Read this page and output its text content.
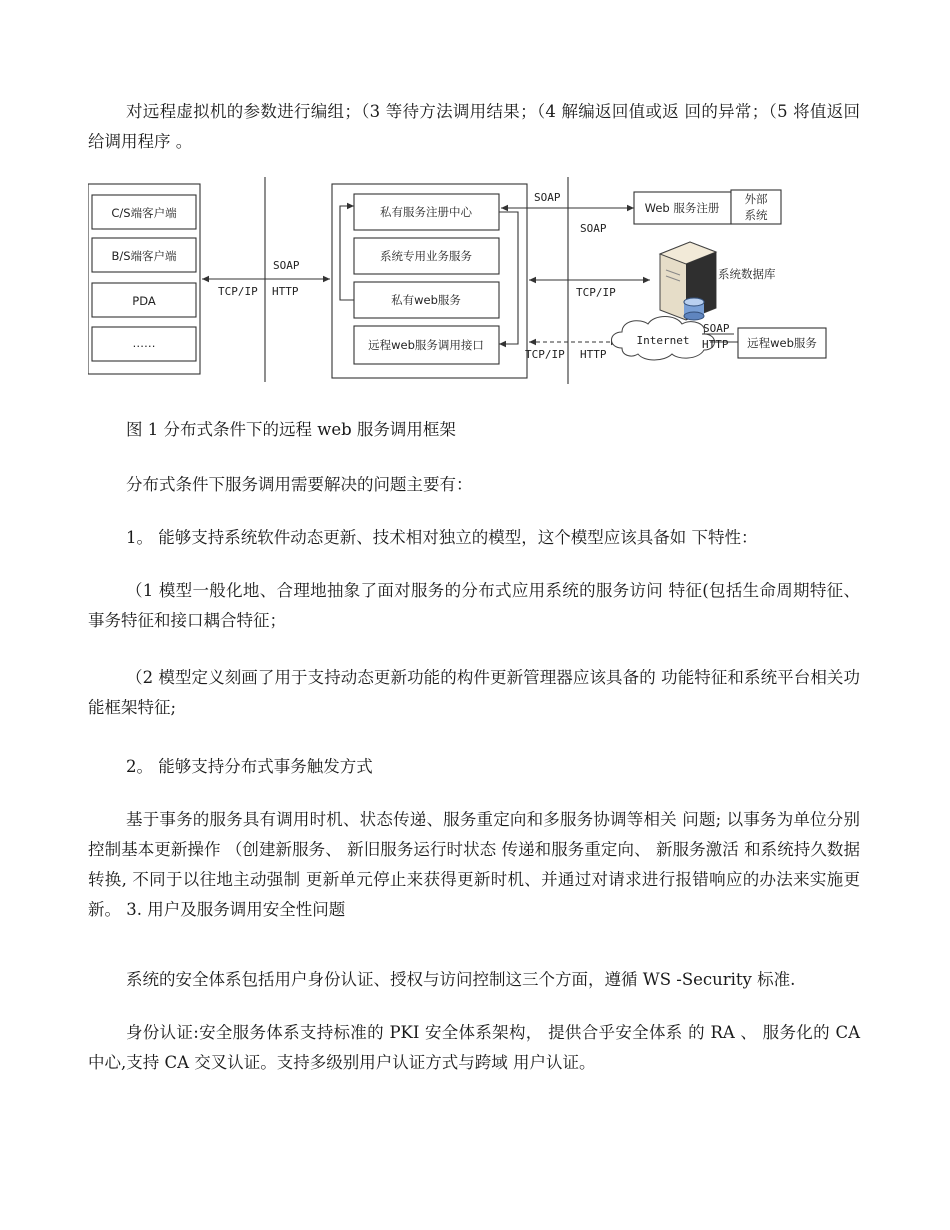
对远程虚拟机的参数进行编组；（3 等待方法调用结果；（4 解编返回值或返 回的异常；（5 将值返回给调用程序 。

C/S端客户端
B/S端客户端
PDA
……
SOAP
TCP/IP HTTP
私有服务注册中心
系统专用业务服务
私有web服务
远程web服务调用接口
SOAP
SOAP
Web 服务注册
外部
系统
TCP/IP
系统数据库
TCP/IP HTTP
Internet
SOAP
HTTP 远程web服务

图 1 分布式条件下的远程 web 服务调用框架

分布式条件下服务调用需要解决的问题主要有：

1。 能够支持系统软件动态更新、技术相对独立的模型，这个模型应该具备如 下特性：

（1 模型一般化地、合理地抽象了面对服务的分布式应用系统的服务访问 特征(包括生命周期特征、事务特征和接口耦合特征；

（2 模型定义刻画了用于支持动态更新功能的构件更新管理器应该具备的 功能特征和系统平台相关功能框架特征;

2。 能够支持分布式事务触发方式

基于事务的服务具有调用时机、状态传递、服务重定向和多服务协调等相关 问题; 以事务为单位分别控制基本更新操作 （创建新服务、 新旧服务运行时状态 传递和服务重定向、 新服务激活 和系统持久数据转换, 不同于以往地主动强制 更新单元停止来获得更新时机、并通过对请求进行报错响应的办法来实施更新。 3. 用户及服务调用安全性问题

系统的安全体系包括用户身份认证、授权与访问控制这三个方面，遵循 WS -Security 标准.

身份认证:安全服务体系支持标准的 PKI 安全体系架构， 提供合乎安全体系 的 RA 、 服务化的 CA 中心,支持 CA 交叉认证。支持多级别用户认证方式与跨域 用户认证。
